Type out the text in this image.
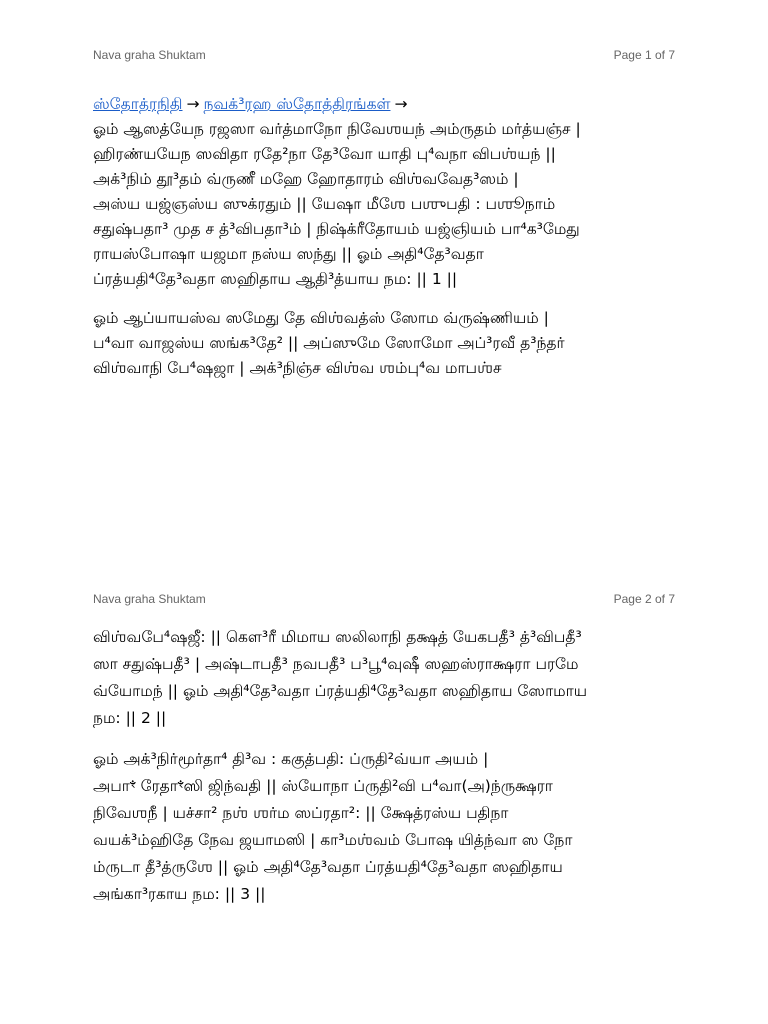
Nava graha Shuktam	Page 1 of 7
ஸ்தோத்ரநிதி → நவக்³ரஹ ஸ்தோத்திரங்கள் →
ஓம் ஆஸத்யேந ரஜஸா வர்த்மாநோ நிவேஶயந் அம்ருதம் மர்த்யஞ்ச |
ஹிரண்யயேந ஸவிதா ரதே²நா தே³வோ யாதி பு⁴வநா விபஶ்யந் ||
அக்³நிம் தூ³தம் வ்ருணீ மஹே ஹோதாரம் விஶ்வவேத³ஸம் |
அஸ்ய யஜ்ஞஸ்ய ஸுக்ரதும் || யேஷா மீஶே பஶுபதி : பஶூநாம்
சதுஷ்பதா³ முத ச த்³விபதா³ம் | நிஷ்க்ரீதோயம் யஜ்ஞியம் பா⁴க³மேது
ராயஸ்போஷா யஜமா நஸ்ய ஸந்து || ஓம் அதி⁴தே³வதா
ப்ரத்யதி⁴தே³வதா ஸஹிதாய ஆதி³த்யாய நம: || 1 ||
ஓம் ஆப்யாயஸ்வ ஸமேது தே விஶ்வத்ஸ் ஸோம வ்ருஷ்ணியம் |
ப⁴வா வாஜஸ்ய ஸங்க³தே² || அப்ஸுமே ஸோமோ அப்³ரவீ த³ந்தர்
விஶ்வாநி பே⁴ஷஜா | அக்³நிஞ்ச விஶ்வ ஶம்பு⁴வ மாபஶ்ச
Nava graha Shuktam	Page 2 of 7
விஶ்வபே⁴ஷஜீ: || கௌ³ரீ மிமாய ஸலிலாநி தக்ஷத் யேகபதீ³ த்³விபதீ³
ஸா சதுஷ்பதீ³ | அஷ்டாபதீ³ நவபதீ³ ப³பூ⁴வுஷீ ஸஹஸ்ராக்ஷரா பரமே
வ்யோமந் || ஓம் அதி⁴தே³வதா ப்ரத்யதி⁴தே³வதா ஸஹிதாய ஸோமாய
நம: || 2 ||
ஓம் அக்³நிர்மூர்தா⁴ தி³வ : ககுத்பதி: ப்ருதி²வ்யா அயம் |
அபாꣳ ரேதாꣳஸி ஜிந்வதி || ஸ்யோநா ப்ருதி²வி ப⁴வா(அ)ந்ருக்ஷரா
நிவேஶநீ | யச்சா² நஶ் ஶர்ம ஸப்ரதா²: || க்ஷேத்ரஸ்ய பதிநா
வயக்³ம்ஹிதே நேவ ஜயாமஸி | கா³மஶ்வம் போஷ யித்ந்வா ஸ நோ
ம்ருடா தீ³த்ருஶே || ஓம் அதி⁴தே³வதா ப்ரத்யதி⁴தே³வதா ஸஹிதாய
அங்கா³ரகாய நம: || 3 ||
